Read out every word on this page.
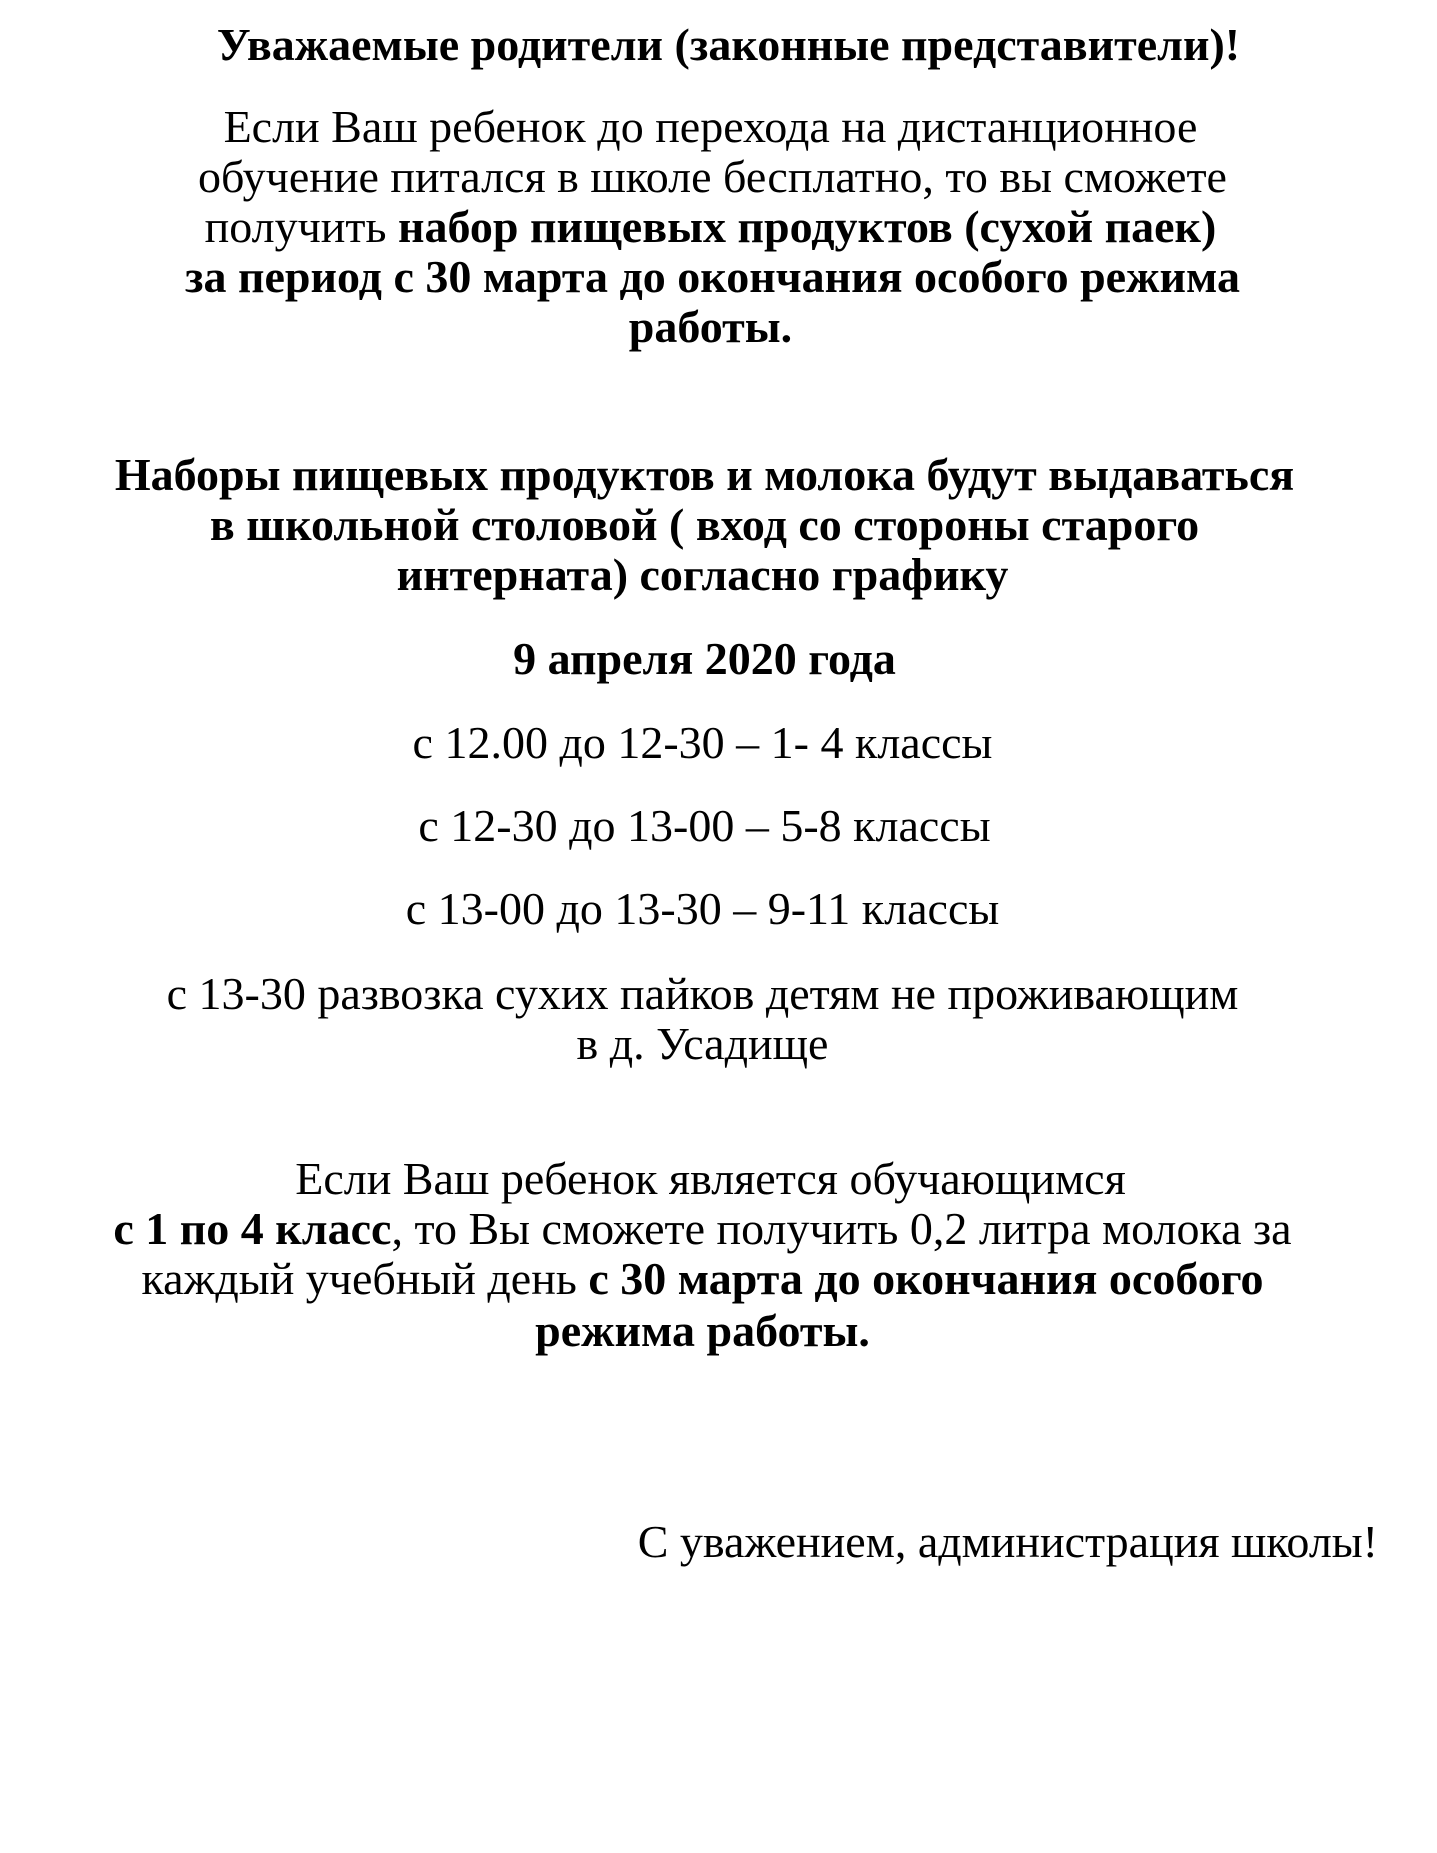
Уважаемые родители (законные представители)!
Если Ваш ребенок до перехода на дистанционное
обучение питался в школе бесплатно, то вы сможете
получить набор пищевых продуктов (сухой паек)
за период с 30 марта до окончания особого режима
работы.
Наборы пищевых продуктов и молока будут выдаваться
в школьной столовой ( вход со стороны старого
интерната) согласно графику
9 апреля 2020 года
с 12.00 до 12-30 – 1- 4 классы
с 12-30 до 13-00 – 5-8 классы
с 13-00 до 13-30 – 9-11 классы
с 13-30 развозка сухих пайков детям не проживающим
в д. Усадище
Если Ваш ребенок является обучающимся
с 1 по 4 класс, то Вы сможете получить 0,2 литра молока за
каждый учебный день с 30 марта до окончания особого
режима работы.
С уважением, администрация школы!
